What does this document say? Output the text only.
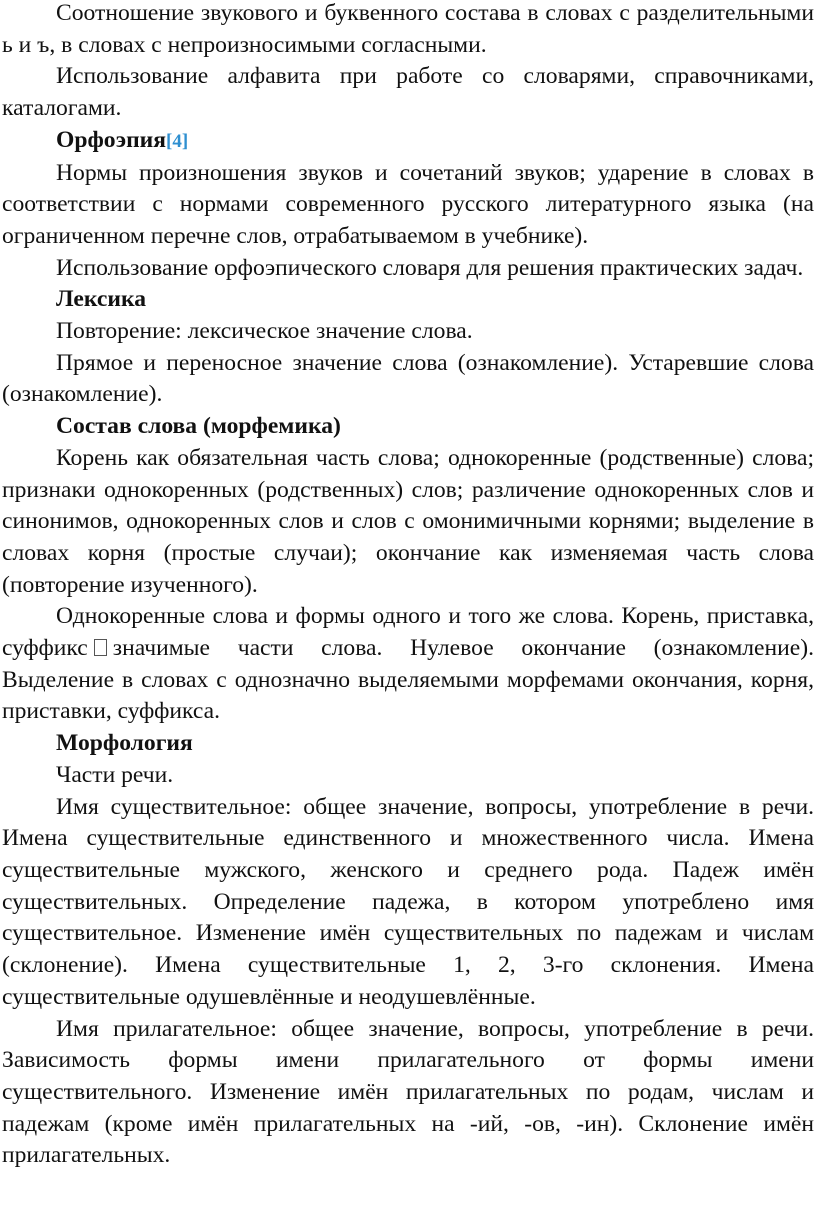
Соотношение звукового и буквенного состава в словах с разделительными ь и ъ, в словах с непроизносимыми согласными.

Использование алфавита при работе со словарями, справочниками, каталогами.

Орфоэпия[4]

Нормы произношения звуков и сочетаний звуков; ударение в словах в соответствии с нормами современного русского литературного языка (на ограниченном перечне слов, отрабатываемом в учебнике).

Использование орфоэпического словаря для решения практических задач.

Лексика

Повторение: лексическое значение слова.

Прямое и переносное значение слова (ознакомление). Устаревшие слова (ознакомление).

Состав слова (морфемика)

Корень как обязательная часть слова; однокоренные (родственные) слова; признаки однокоренных (родственных) слов; различение однокоренных слов и синонимов, однокоренных слов и слов с омонимичными корнями; выделение в словах корня (простые случаи); окончание как изменяемая часть слова (повторение изученного).

Однокоренные слова и формы одного и того же слова. Корень, приставка, суффикс значимые части слова. Нулевое окончание (ознакомление). Выделение в словах с однозначно выделяемыми морфемами окончания, корня, приставки, суффикса.

Морфология

Части речи.

Имя существительное: общее значение, вопросы, употребление в речи. Имена существительные единственного и множественного числа. Имена существительные мужского, женского и среднего рода. Падеж имён существительных. Определение падежа, в котором употреблено имя существительное. Изменение имён существительных по падежам и числам (склонение). Имена существительные 1, 2, 3-го склонения. Имена существительные одушевлённые и неодушевлённые.

Имя прилагательное: общее значение, вопросы, употребление в речи. Зависимость формы имени прилагательного от формы имени существительного. Изменение имён прилагательных по родам, числам и падежам (кроме имён прилагательных на -ий, -ов, -ин). Склонение имён прилагательных.
